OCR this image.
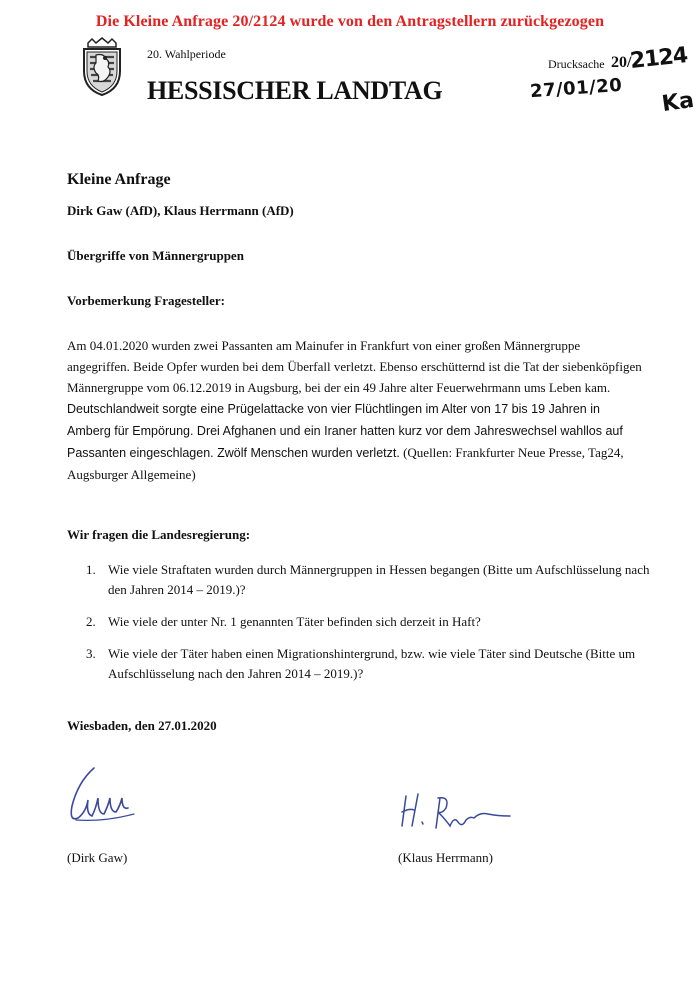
Die Kleine Anfrage 20/2124 wurde von den Antragstellern zurückgezogen
20. Wahlperiode
HESSISCHER LANDTAG
Drucksache 20/
2124
27/01/20 Ka
Kleine Anfrage
Dirk Gaw (AfD), Klaus Herrmann (AfD)
Übergriffe von Männergruppen
Vorbemerkung Fragesteller:
Am 04.01.2020 wurden zwei Passanten am Mainufer in Frankfurt von einer großen Männergruppe angegriffen. Beide Opfer wurden bei dem Überfall verletzt. Ebenso erschütternd ist die Tat der siebenköpfigen Männergruppe vom 06.12.2019 in Augsburg, bei der ein 49 Jahre alter Feuerwehrmann ums Leben kam. Deutschlandweit sorgte eine Prügelattacke von vier Flüchtlingen im Alter von 17 bis 19 Jahren in Amberg für Empörung. Drei Afghanen und ein Iraner hatten kurz vor dem Jahreswechsel wahllos auf Passanten eingeschlagen. Zwölf Menschen wurden verletzt. (Quellen: Frankfurter Neue Presse, Tag24, Augsburger Allgemeine)
Wir fragen die Landesregierung:
1. Wie viele Straftaten wurden durch Männergruppen in Hessen begangen (Bitte um Aufschlüsselung nach den Jahren 2014 – 2019.)?
2. Wie viele der unter Nr. 1 genannten Täter befinden sich derzeit in Haft?
3. Wie viele der Täter haben einen Migrationshintergrund, bzw. wie viele Täter sind Deutsche (Bitte um Aufschlüsselung nach den Jahren 2014 – 2019.)?
Wiesbaden, den 27.01.2020
(Dirk Gaw)	(Klaus Herrmann)
